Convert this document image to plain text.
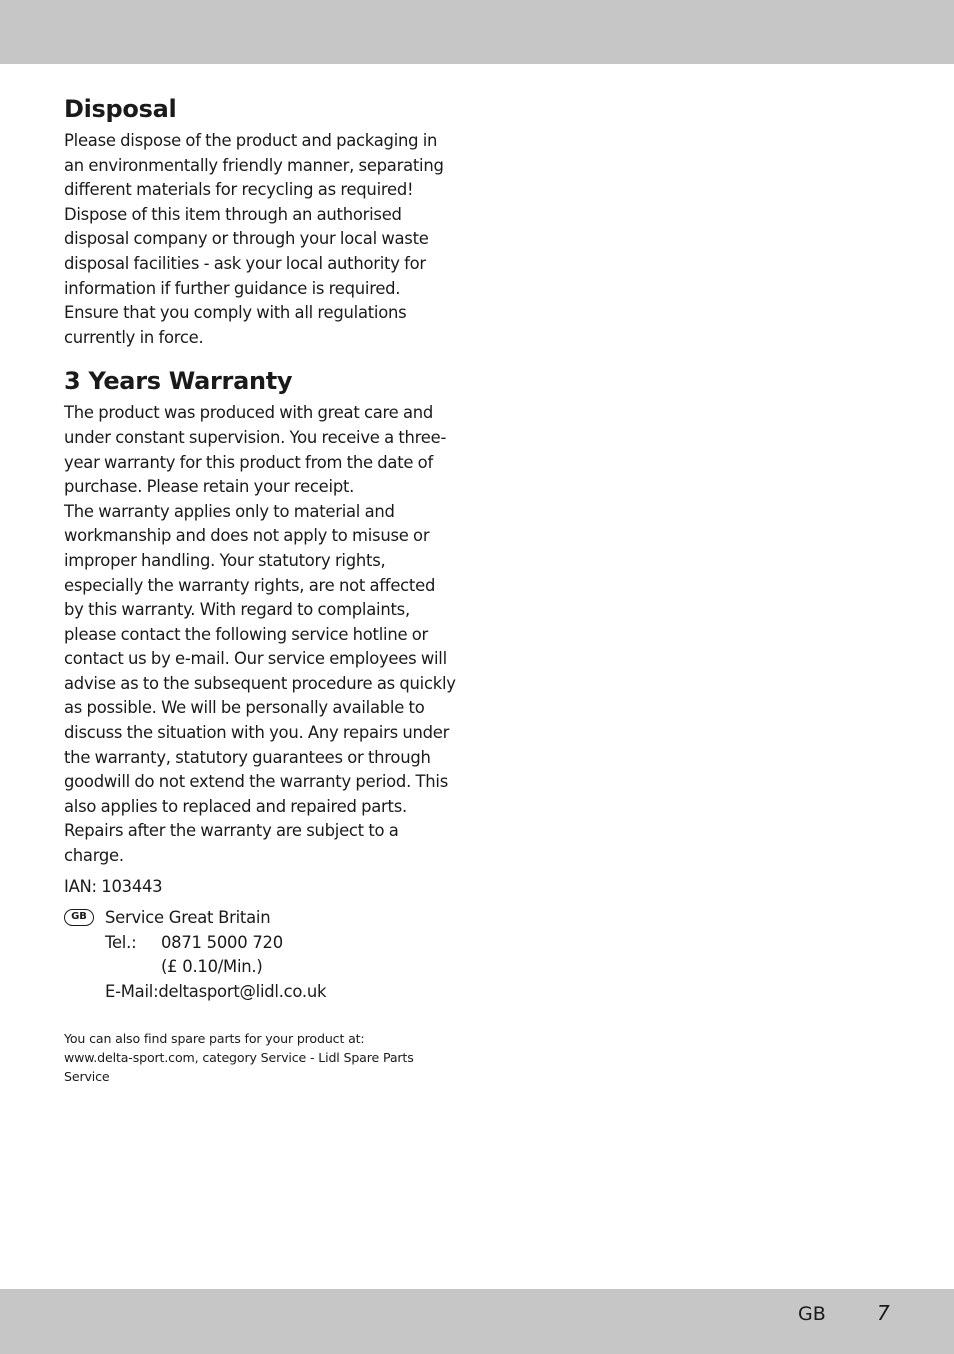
Disposal

Please dispose of the product and packaging in an environmentally friendly manner, separating different materials for recycling as required! Dispose of this item through an authorised disposal company or through your local waste disposal facilities - ask your local authority for information if further guidance is required. Ensure that you comply with all regulations currently in force.

3 Years Warranty

The product was produced with great care and under constant supervision. You receive a three-year warranty for this product from the date of purchase. Please retain your receipt.
The warranty applies only to material and workmanship and does not apply to misuse or improper handling. Your statutory rights, especially the warranty rights, are not affected by this warranty. With regard to complaints, please contact the following service hotline or contact us by e-mail. Our service employees will advise as to the subsequent procedure as quickly as possible. We will be personally available to discuss the situation with you. Any repairs under the warranty, statutory guarantees or through goodwill do not extend the warranty period. This also applies to replaced and repaired parts. Repairs after the warranty are subject to a charge.

IAN: 103443

GB	Service Great Britain
Tel.: 0871 5000 720
(£ 0.10/Min.)
E-Mail:deltasport@lidl.co.uk

You can also find spare parts for your product at:

www.delta-sport.com, category Service - Lidl Spare Parts Service

GB	7
